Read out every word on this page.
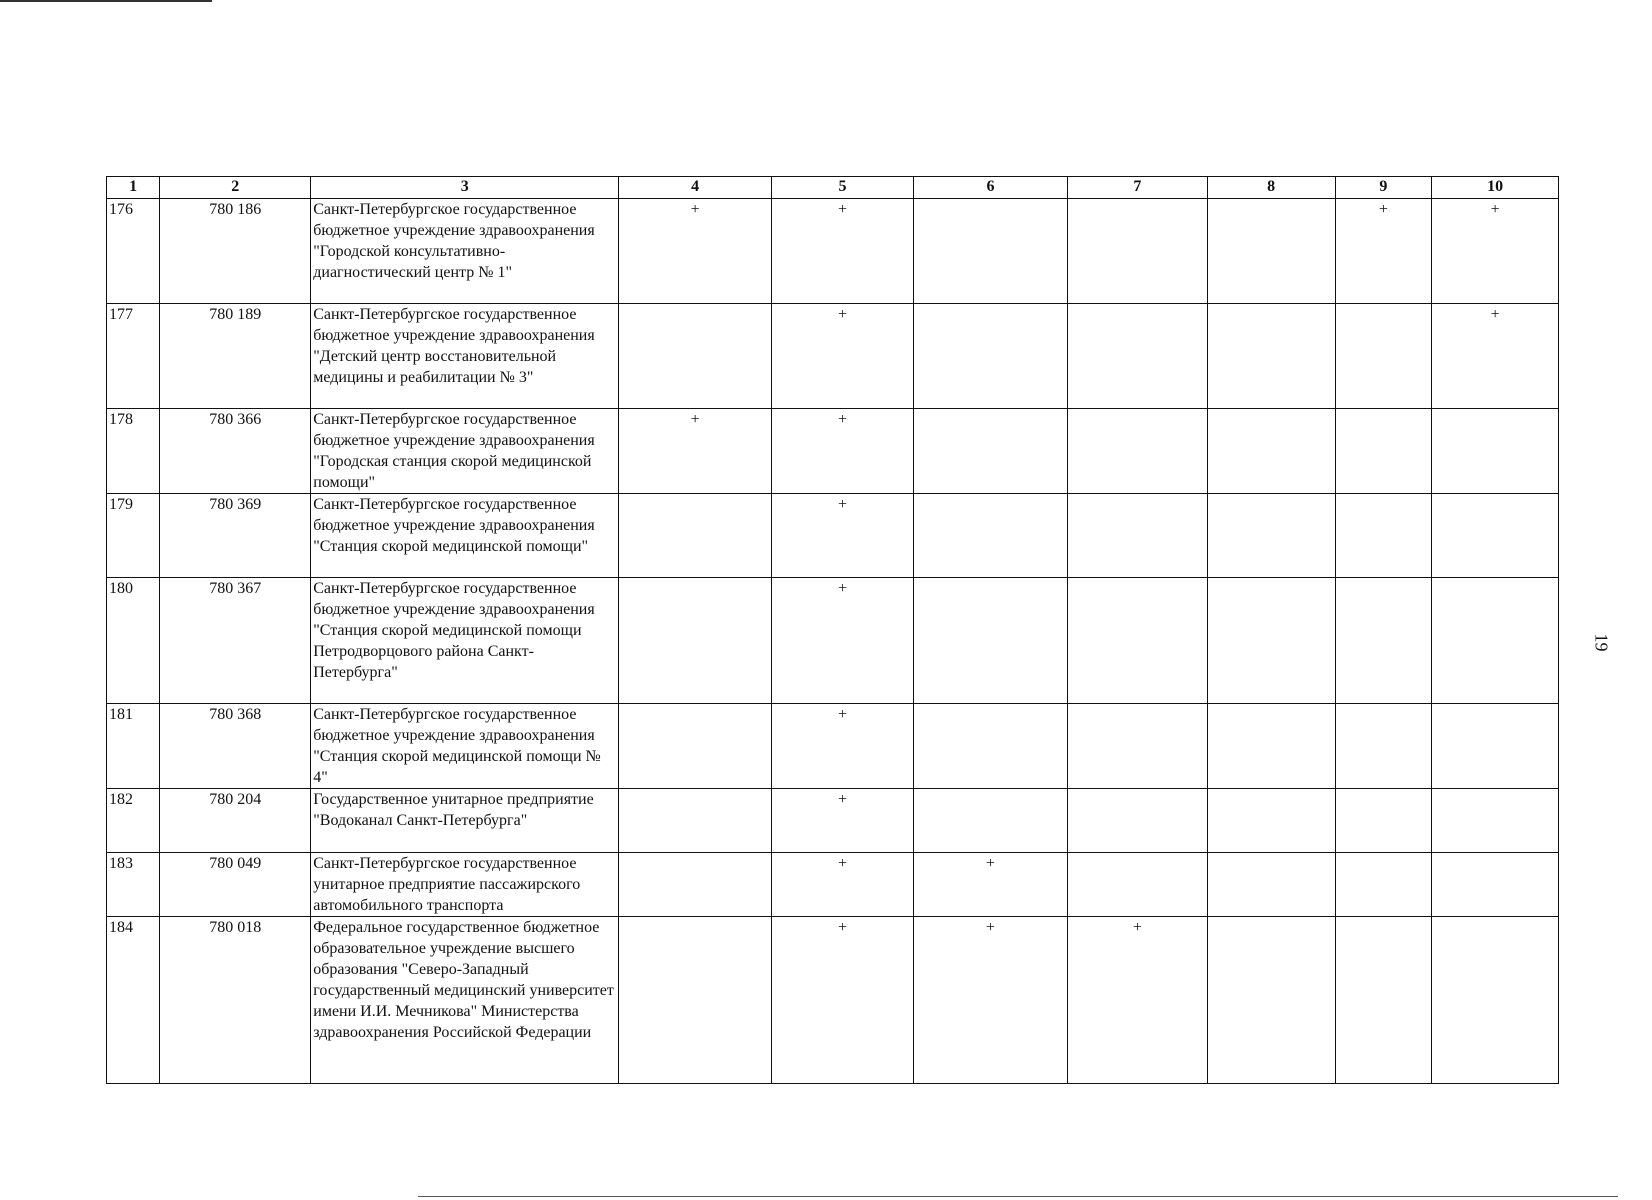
1	2	3	4	5	6	7	8	9	10
176	780 186	Санкт-Петербургское государственное бюджетное учреждение здравоохранения "Городской консультативно-диагностический центр № 1"	+	+				+	+
177	780 189	Санкт-Петербургское государственное бюджетное учреждение здравоохранения "Детский центр восстановительной медицины и реабилитации № 3"		+					+
178	780 366	Санкт-Петербургское государственное бюджетное учреждение здравоохранения "Городская станция скорой медицинской помощи"	+	+					
179	780 369	Санкт-Петербургское государственное бюджетное учреждение здравоохранения "Станция скорой медицинской помощи"		+					
180	780 367	Санкт-Петербургское государственное бюджетное учреждение здравоохранения "Станция скорой медицинской помощи Петродворцового района Санкт-Петербурга"		+					
181	780 368	Санкт-Петербургское государственное бюджетное учреждение здравоохранения "Станция скорой медицинской помощи № 4"		+					
182	780 204	Государственное унитарное предприятие "Водоканал Санкт-Петербурга"		+					
183	780 049	Санкт-Петербургское государственное унитарное предприятие пассажирского автомобильного транспорта		+	+				
184	780 018	Федеральное государственное бюджетное образовательное учреждение высшего образования "Северо-Западный государственный медицинский университет имени И.И. Мечникова" Министерства здравоохранения Российской Федерации		+	+	+			
19
